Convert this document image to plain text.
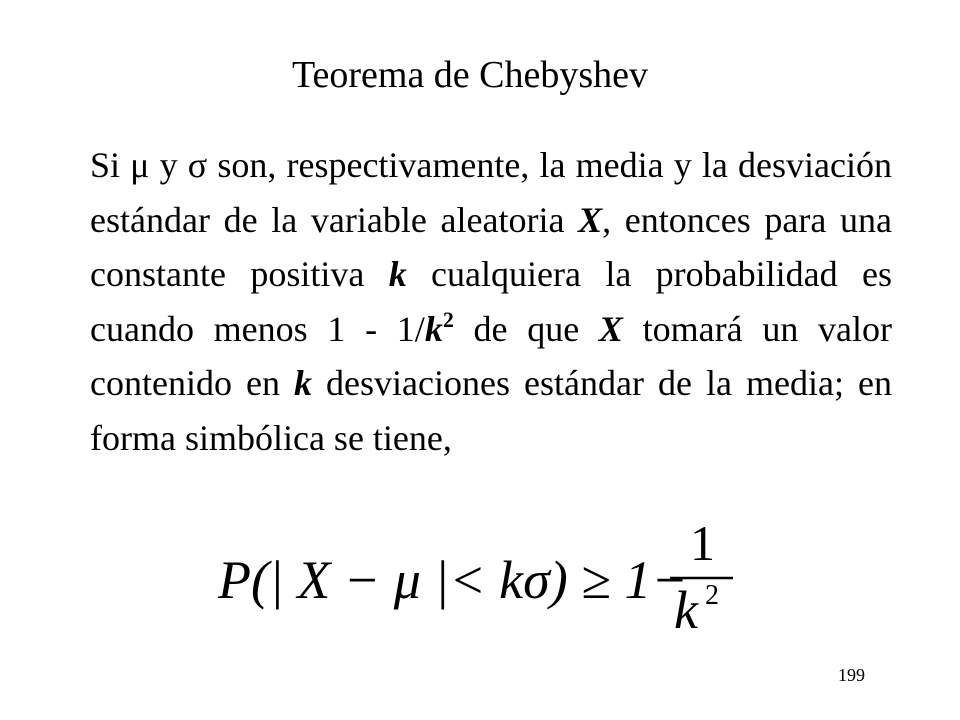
Teorema de Chebyshev
Si μ y σ son, respectivamente, la media y la desviación estándar de la variable aleatoria X, entonces para una constante positiva k cualquiera la probabilidad es cuando menos $1 - 1/k^2$ de que X tomará un valor contenido en k desviaciones estándar de la media; en forma simbólica se tiene,
P(| X − μ |< kσ) ≥ 1−
1
k 2
199
